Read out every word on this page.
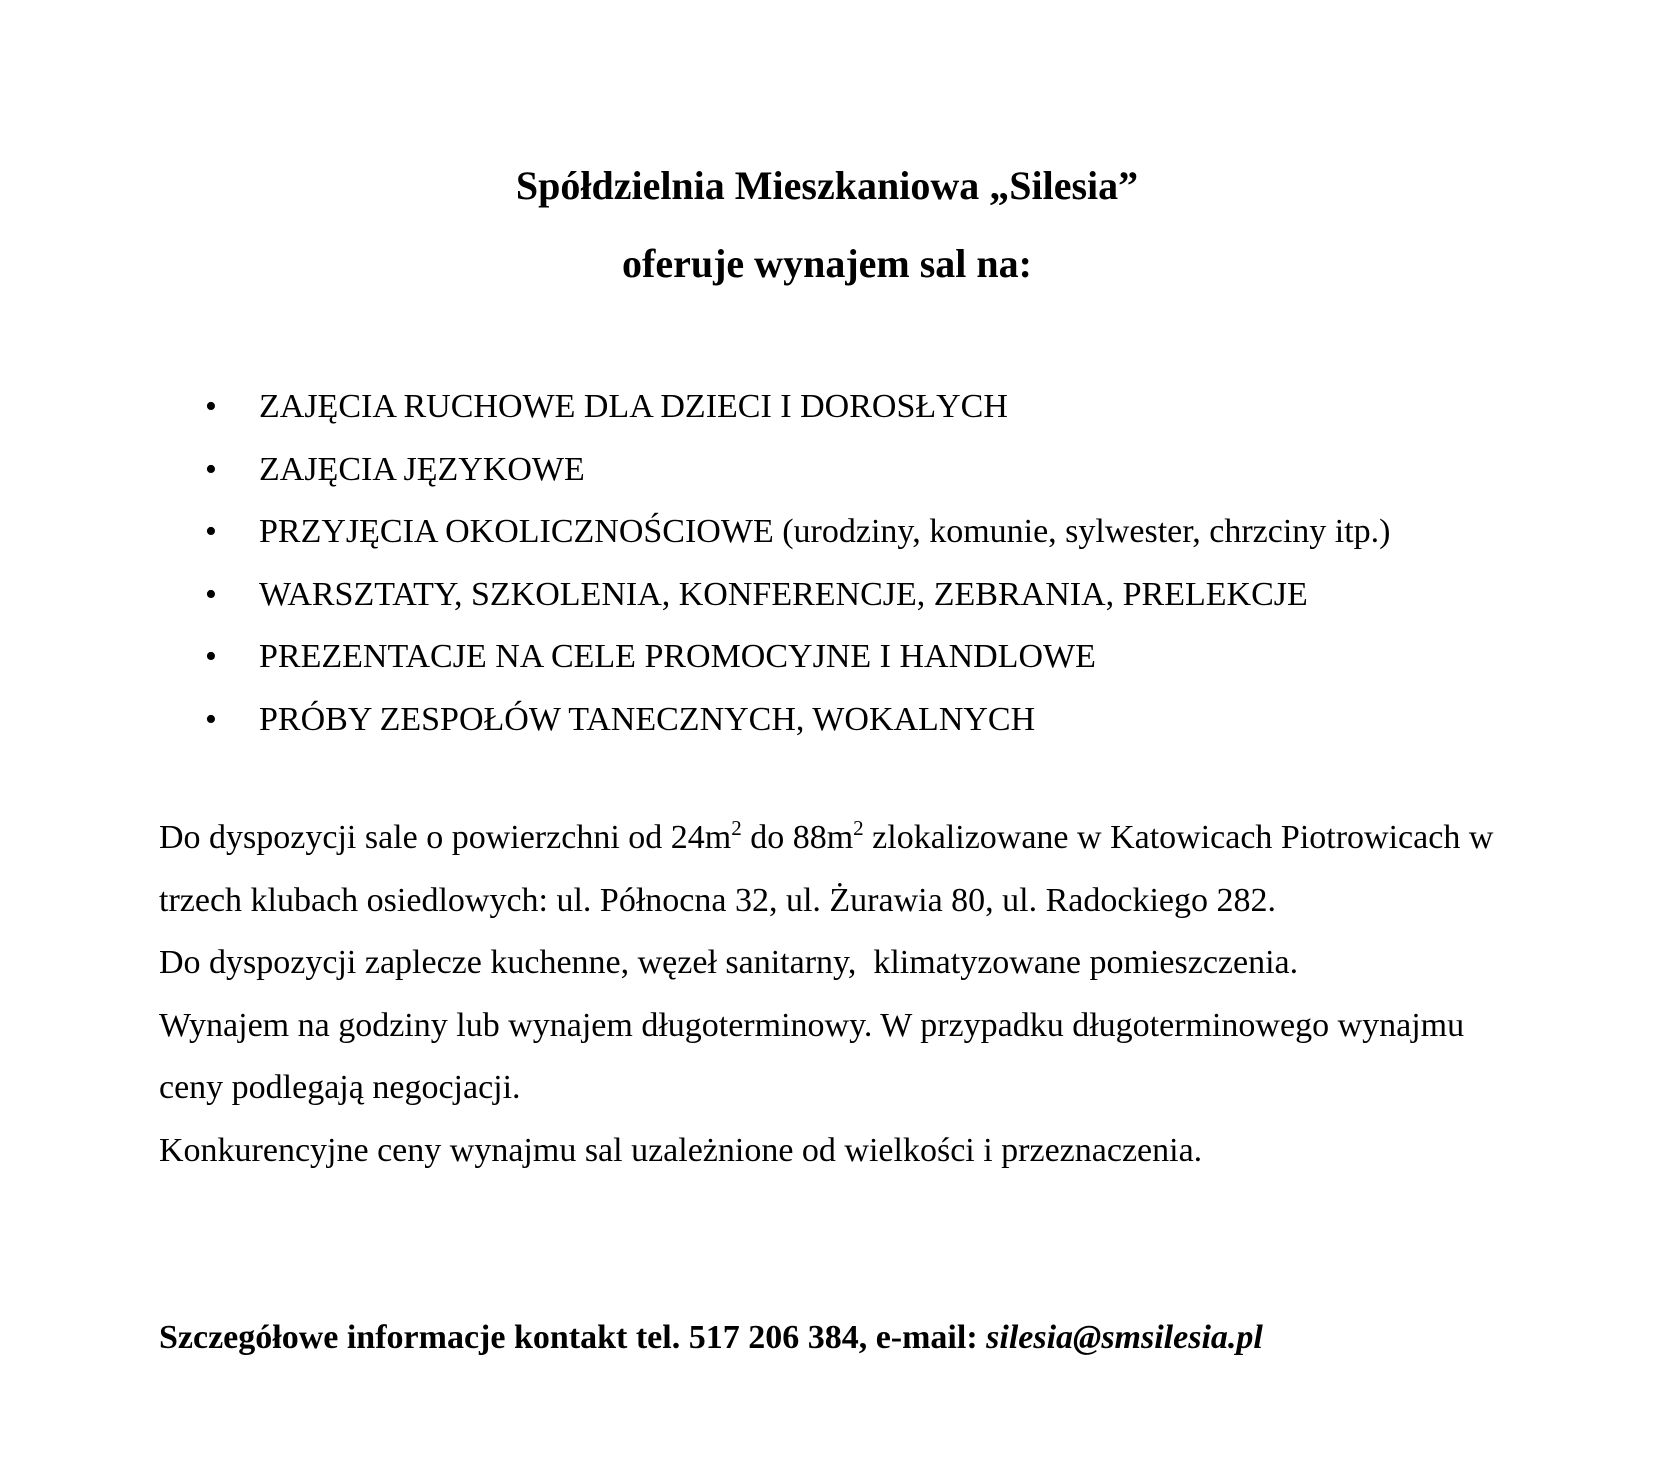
Spółdzielnia Mieszkaniowa „Silesia”
oferuje wynajem sal na:
• ZAJĘCIA RUCHOWE DLA DZIECI I DOROSŁYCH
• ZAJĘCIA JĘZYKOWE
• PRZYJĘCIA OKOLICZNOŚCIOWE (urodziny, komunie, sylwester, chrzciny itp.)
• WARSZTATY, SZKOLENIA, KONFERENCJE, ZEBRANIA, PRELEKCJE
• PREZENTACJE NA CELE PROMOCYJNE I HANDLOWE
• PRÓBY ZESPOŁÓW TANECZNYCH, WOKALNYCH

Do dyspozycji sale o powierzchni od $24m^2$ do $88m^2$ zlokalizowane w Katowicach Piotrowicach w trzech klubach osiedlowych: ul. Północna 32, ul. Żurawia 80, ul. Radockiego 282.

Do dyspozycji zaplecze kuchenne, węzeł sanitarny,  klimatyzowane pomieszczenia.

Wynajem na godziny lub wynajem długoterminowy. W przypadku długoterminowego wynajmu ceny podlegają negocjacji.

Konkurencyjne ceny wynajmu sal uzależnione od wielkości i przeznaczenia.

Szczegółowe informacje kontakt tel. 517 206 384, e-mail: silesia@smsilesia.pl
